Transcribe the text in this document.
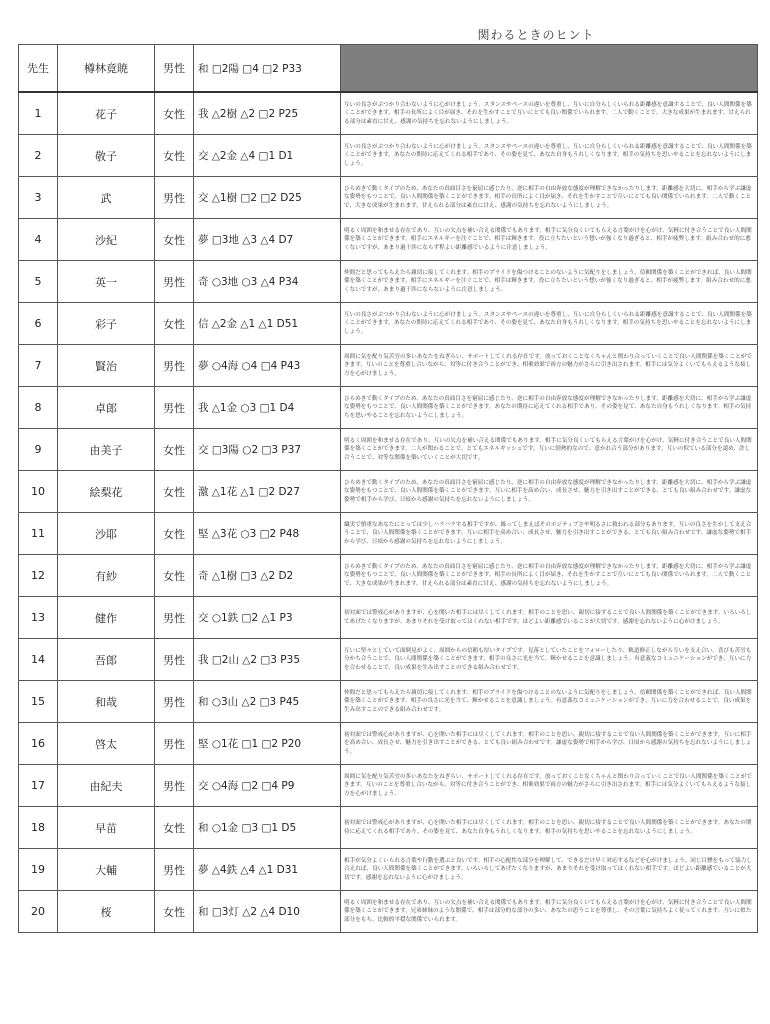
関わるときのヒント
先生	樽林竟暁	男性	和 □2陽 □4 □2 P33	
1	花子	女性	我 △2樹 △2 □2 P25	互いの良さがぶつかり合わないように心がけましょう。スタンスやペースの違いを尊重し、互いに自分らしくいられる距離感を意識することで、良い人間関係を築くことができます。相手の長所によく目が届き、それを生かすことで互いにとても良い関係でいられます。二人で動くことで、大きな成果が生まれます。甘えられる部分は素直に甘え、感謝の気持ちを忘れないようにしましょう。
2	敬子	女性	交 △2金 △4 □1 D1	互いの良さがぶつかり合わないように心がけましょう。スタンスやペースの違いを尊重し、互いに自分らしくいられる距離感を意識することで、良い人間関係を築くことができます。あなたの期待に応えてくれる相手であり、その姿を見て、あなた自身もうれしくなります。相手の気持ちを思いやることを忘れないようにしましょう。
3	武	男性	交 △1樹 □2 □2 D25	ひらめきで動くタイプのため、あなたの真面目さを窮屈に感じたり、逆に相手の自由奔放な態度が理解できなかったりします。距離感を大切に、相手から学ぶ謙虚な姿勢をもつことで、良い人間関係を築くことができます。相手の長所によく目が届き、それを生かすことで互いにとても良い関係でいられます。二人で動くことで、大きな成果が生まれます。甘えられる部分は素直に甘え、感謝の気持ちを忘れないようにしましょう。
4	沙紀	女性	夢 □3地 △3 △4 D7	明るく周囲を和ませる存在であり、互いの欠点を補い合える関係でもあります。相手に気分良くいてもらえる言葉がけを心がけ、気軽に付き合うことで良い人間関係を築くことができます。相手にエネルギーを注ぐことで、相手は輝きます。役に立ちたいという想いが強くなり過ぎると、相手が疲弊します。組み合わせ的に悪くないですが、あまり過干渉にならず程よい距離感でいるように注意しましょう。
5	英一	男性	奇 ○3地 ○3 △4 P34	仲間だと思ってもらえたら親切に接してくれます。相手のプライドを傷つけることのないように気配りをしましょう。信頼関係を築くことができれば、良い人間関係を築くことができます。相手にエネルギーを注ぐことで、相手は輝きます。役に立ちたいという想いが強くなり過ぎると、相手が疲弊します。組み合わせ的に悪くないですが、あまり過干渉にならないように注意しましょう。
6	彩子	女性	信 △2金 △1 △1 D51	互いの良さがぶつかり合わないように心がけましょう。スタンスやペースの違いを尊重し、互いに自分らしくいられる距離感を意識することで、良い人間関係を築くことができます。あなたの期待に応えてくれる相手であり、その姿を見て、あなた自身もうれしくなります。相手の気持ちを思いやることを忘れないようにしましょう。
7	賢治	男性	夢 ○4海 ○4 □4 P43	周囲に気を配り気苦労の多いあなたをねぎらい、サポートしてくれる存在です。放っておくことなくちゃんと関わり合っていくことで良い人間関係を築くことができます。互いのことを尊重し合いながら、対等に付き合うことができ、相乗効果で両方の魅力がさらに引き出されます。相手には気分よくいてもらえるような接し方を心がけましょう。
8	卓郎	男性	我 △1金 ○3 □1 D4	ひらめきで動くタイプのため、あなたの真面目さを窮屈に感じたり、逆に相手の自由奔放な態度が理解できなかったりします。距離感を大切に、相手から学ぶ謙虚な姿勢をもつことで、良い人間関係を築くことができます。あなたの期待に応えてくれる相手であり、その姿を見て、あなた自身もうれしくなります。相手の気持ちを思いやることを忘れないようにしましょう。
9	由美子	女性	交 □3陽 ○2 □3 P37	明るく周囲を和ませる存在であり、互いの欠点を補い合える関係でもあります。相手に気分良くいてもらえる言葉がけを心がけ、気軽に付き合うことで良い人間関係を築くことができます。二人が関わることで、とてもエネルギッシュです。互いに情熱的なので、意かれ合う部分があります。互いの似ている部分を認め、許し合うことで、対等な関係を築いていくことが大切です。
10	絵梨花	女性	激 △1花 △1 □2 D27	ひらめきで動くタイプのため、あなたの真面目さを窮屈に感じたり、逆に相手の自由奔放な態度が理解できなかったりします。距離感を大切に、相手から学ぶ謙虚な姿勢をもつことで、良い人間関係を築くことができます。互いに相手を高め合い、成長させ、魅力を引き出すことができる、とても良い組み合わせです。謙虚な姿勢で相手から学び、日頃から感謝の気持ちを忘れないようにしましょう。
11	沙耶	女性	堅 △3花 ○3 □2 P48	繊実で慎重なあなたにとっては少しハラハラする相手ですが、繰ってしまえばそのポジティブさや明るさに救われる部分もあります。互いの良さを生かして支え合うことで、良い人間関係を築くことができます。互いに相手を高め合い、成長させ、魅力を引き出すことができる、とても良い組み合わせです。謙虚な姿勢で相手から学び、日頃から感謝の気持ちを忘れないようにしましょう。
12	有紗	女性	奇 △1樹 □3 △2 D2	ひらめきで動くタイプのため、あなたの真面目さを窮屈に感じたり、逆に相手の自由奔放な態度が理解できなかったりします。距離感を大切に、相手から学ぶ謙虚な姿勢をもつことで、良い人間関係を築くことができます。相手の長所によく目が届き、それを生かすことで互いにとても良い関係でいられます。二人で動くことで、大きな成果が生まれます。甘えられる部分は素直に甘え、感謝の気持ちを忘れないようにしましょう。
13	健作	男性	交 ○1鉄 □2 △1 P3	初対面では警戒心がありますが、心を開いた相手には尽くしてくれます。相手のことを思い、親切に接することで良い人間関係を築くことができます。いろいろしてあげたくなりますが、あまりそれを受け取ってはくれない相手です。ほどよい距離感でいることが大切です。感謝を忘れないように心がけましょう。
14	吾郎	男性	我 □2山 △2 □3 P35	互いに堅々としていて面倒見がよく、周囲からの信頼も厚いタイプです。見落としていたことをフォローしたり、軌道修正しながら互いを支え合い、喜びも苦労も分かち合うことで、良い人間関係を築くことができます。相手の良さに光を当て、輝かせることを意識しましょう。有意義なコミュニケーションができ、互いに力を合わせることで、良い成果を生み出すことのできる組み合わせです。
15	和哉	男性	和 ○3山 △2 □3 P45	仲間だと思ってもらえたら親切に接してくれます。相手のプライドを傷つけることのないように気配りをしましょう。信頼関係を築くことができれば、良い人間関係を築くことができます。相手の良さに光を当て、輝かせることを意識しましょう。有意義なコミュニケーションができ、互いに力を合わせることで、良い成果を生み出すことのできる組み合わせです。
16	啓太	男性	堅 ○1花 □1 □2 P20	初対面では警戒心がありますが、心を開いた相手には尽くしてくれます。相手のことを思い、親切に接することで良い人間関係を築くことができます。互いに相手を高め合い、成長させ、魅力を引き出すことができる、とても良い組み合わせです。謙虚な姿勢で相手から学び、日頃から感謝の気持ちを忘れないようにしましょう。
17	由紀夫	男性	交 ○4海 □2 □4 P9	周囲に気を配り気苦労の多いあなたをねぎらい、サポートしてくれる存在です。放っておくことなくちゃんと関わり合っていくことで良い人間関係を築くことができます。互いのことを尊重し合いながら、対等に付き合うことができ、相乗効果で両方の魅力がさらに引き出されます。相手には気分よくいてもらえるような接し方を心がけましょう。
18	早苗	女性	和 ○1金 □3 □1 D5	初対面では警戒心がありますが、心を開いた相手には尽くしてくれます。相手のことを思い、親切に接することで良い人間関係を築くことができます。あなたの期待に応えてくれる相手であり、その姿を見て、あなた自身もうれしくなります。相手の気持ちを思いやることを忘れないようにしましょう。
19	大輔	男性	夢 △4鉄 △4 △1 D31	相手が気分よくいられる言葉や行動を選ぶと良いです。相手の心配性な部分を理解して、できるだけ早く対応するなどを心がけましょう。同じ目標をもって協力し合えれば、良い人間関係を築くことができます。いろいろしてあげたくなりますが、あまりそれを受け取ってはくれない相手です。ほどよい距離感でいることが大切です。感謝を忘れないように心がけましょう。
20	桜	女性	和 □3灯 △2 △4 D10	明るく周囲を和ませる存在であり、互いの欠点を補い合える関係でもあります。相手に気分良くいてもらえる言葉がけを心がけ、気軽に付き合うことで良い人間関係を築くことができます。兄弟姉妹のような関係で、相手は部分的な部分の多い、あなたの思うことを尊重し、その言葉に気持ちよく従ってくれます。互いに似た部分をもち、比較的平穏な関係でいられます。
